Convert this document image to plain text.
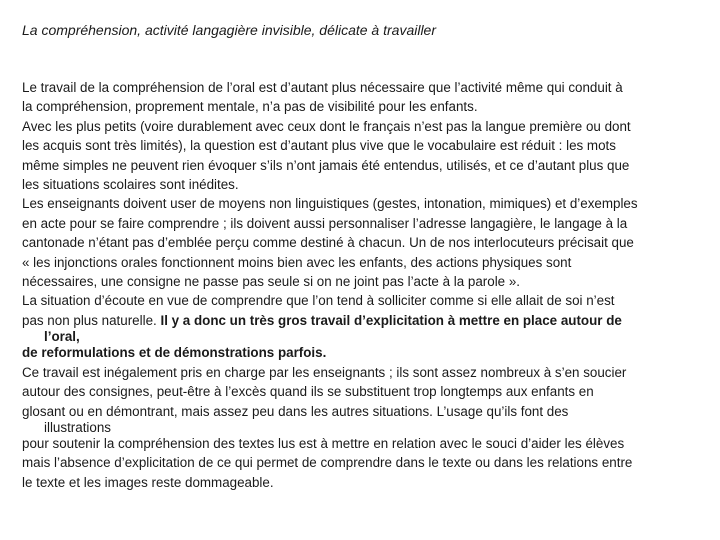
La compréhension, activité langagière invisible, délicate à travailler
Le travail de la compréhension de l’oral est d’autant plus nécessaire que l’activité même qui conduit à
la compréhension, proprement mentale, n’a pas de visibilité pour les enfants.
Avec les plus petits (voire durablement avec ceux dont le français n’est pas la langue première ou dont
les acquis sont très limités), la question est d’autant plus vive que le vocabulaire est réduit : les mots
même simples ne peuvent rien évoquer s’ils n’ont jamais été entendus, utilisés, et ce d’autant plus que
les situations scolaires sont inédites.
Les enseignants doivent user de moyens non linguistiques (gestes, intonation, mimiques) et d’exemples
en acte pour se faire comprendre ; ils doivent aussi personnaliser l’adresse langagière, le langage à la
cantonade n’étant pas d’emblée perçu comme destiné à chacun. Un de nos interlocuteurs précisait que
« les injonctions orales fonctionnent moins bien avec les enfants, des actions physiques sont
nécessaires, une consigne ne passe pas seule si on ne joint pas l’acte à la parole ».
La situation d’écoute en vue de comprendre que l’on tend à solliciter comme si elle allait de soi n’est
pas non plus naturelle. Il y a donc un très gros travail d’explicitation à mettre en place autour de
l’oral,
de reformulations et de démonstrations parfois.
Ce travail est inégalement pris en charge par les enseignants ; ils sont assez nombreux à s’en soucier
autour des consignes, peut-être à l’excès quand ils se substituent trop longtemps aux enfants en
glosant ou en démontrant, mais assez peu dans les autres situations. L’usage qu’ils font des
illustrations
pour soutenir la compréhension des textes lus est à mettre en relation avec le souci d’aider les élèves
mais l’absence d’explicitation de ce qui permet de comprendre dans le texte ou dans les relations entre
le texte et les images reste dommageable.
